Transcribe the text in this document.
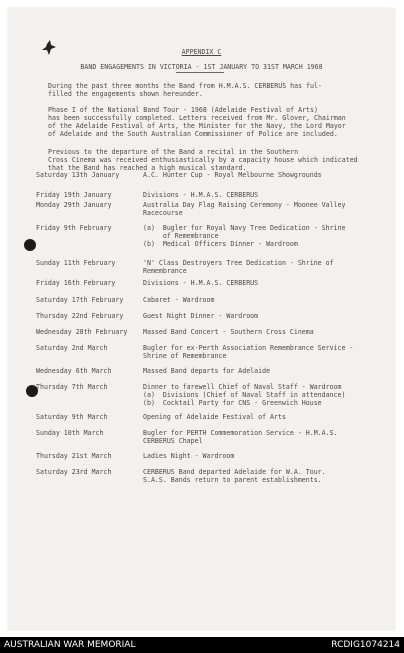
APPENDIX C
BAND ENGAGEMENTS IN VICTORIA - 1ST JANUARY TO 31ST MARCH 1968
During the past three months the Band from H.M.A.S. CERBERUS has ful-
filled the engagements shown hereunder.
Phase I of the National Band Tour - 1968 (Adelaide Festival of Arts)
has been successfully completed. Letters received from Mr. Glover, Chairman
of the Adelaide Festival of Arts, the Minister for the Navy, the Lord Mayor
of Adelaide and the South Australian Commissioner of Police are included.
Previous to the departure of the Band a recital in the Southern
Cross Cinema was received enthusiastically by a capacity house which indicated
that the Band has reached a high musical standard.
Saturday 13th January	A.C. Hunter Cup - Royal Melbourne Showgrounds
Friday 19th January	Divisions - H.M.A.S. CERBERUS
Monday 29th January	Australia Day Flag Raising Ceremony - Moonee Valley
Racecourse
Friday 9th February	(a)  Bugler for Royal Navy Tree Dedication - Shrine
of Remembrance
(b)  Medical Officers Dinner - Wardroom
Sunday 11th February	'N' Class Destroyers Tree Dedication - Shrine of
Remembrance
Friday 16th February	Divisions - H.M.A.S. CERBERUS
Saturday 17th February	Cabaret - Wardroom
Thursday 22nd February	Guest Night Dinner - Wardroom
Wednesday 28th February	Massed Band Concert - Southern Cross Cinema
Saturday 2nd March	Bugler for ex-Perth Association Remembrance Service -
Shrine of Remembrance
Wednesday 6th March	Massed Band departs for Adelaide
Thursday 7th March	Dinner to farewell Chief of Naval Staff - Wardroom
(a)  Divisions (Chief of Naval Staff in attendance)
(b)  Cocktail Party for CNS - Greenwich House
Saturday 9th March	Opening of Adelaide Festival of Arts
Sunday 10th March	Bugler for PERTH Commemoration Service - H.M.A.S.
CERBERUS Chapel
Thursday 21st March	Ladies Night - Wardroom
Saturday 23rd March	CERBERUS Band departed Adelaide for W.A. Tour.
S.A.S. Bands return to parent establishments.
AUSTRALIAN WAR MEMORIAL	RCDIG1074214
